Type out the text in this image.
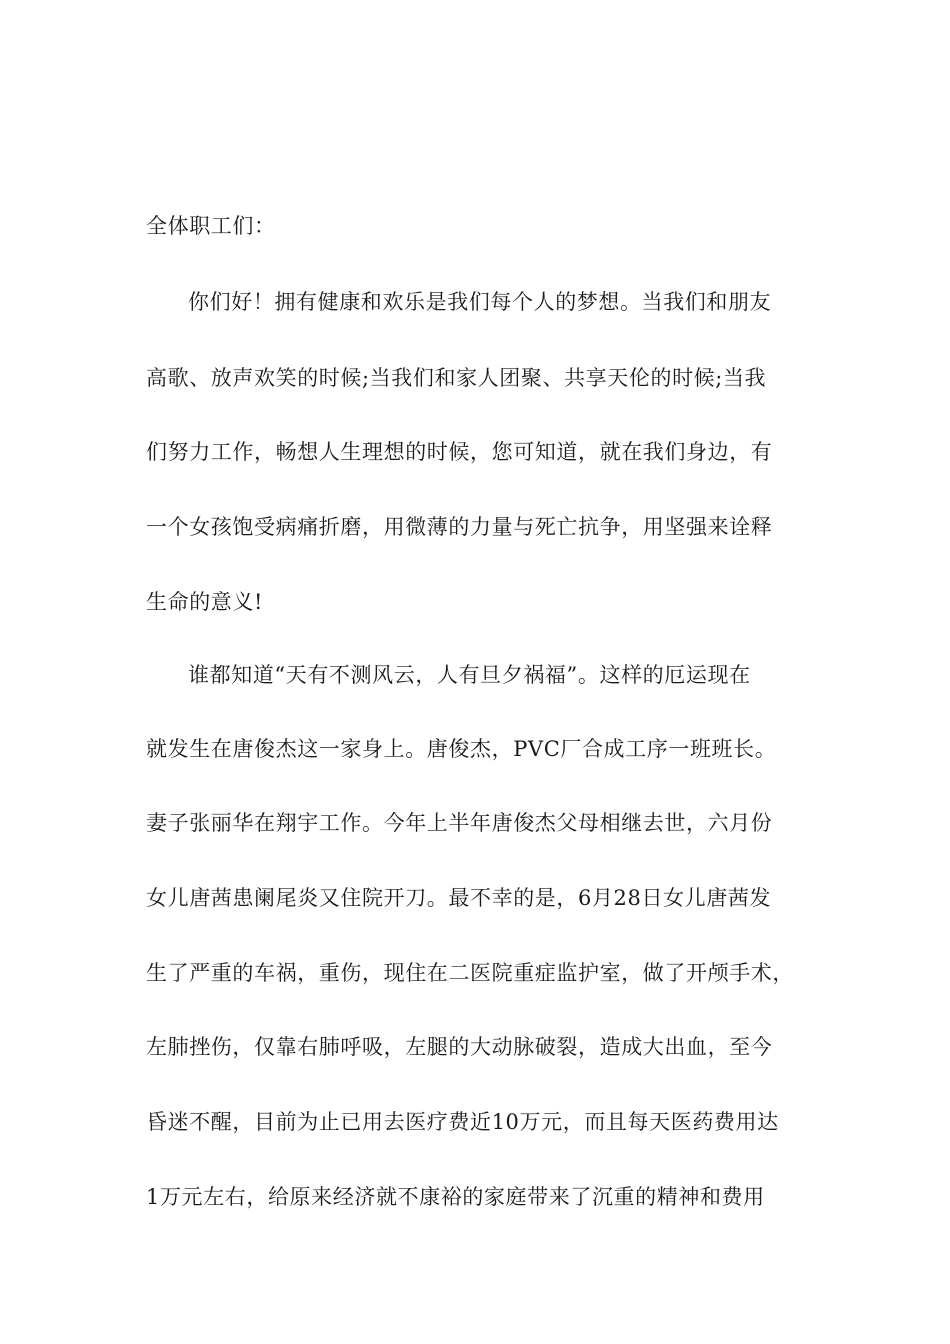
全体职工们：
你们好！拥有健康和欢乐是我们每个人的梦想。当我们和朋友
高歌、放声欢笑的时候;当我们和家人团聚、共享天伦的时候;当我
们努力工作，畅想人生理想的时候，您可知道，就在我们身边，有
一个女孩饱受病痛折磨，用微薄的力量与死亡抗争，用坚强来诠释
生命的意义!
谁都知道“天有不测风云，人有旦夕祸福”。这样的厄运现在
就发生在唐俊杰这一家身上。唐俊杰，PVC厂合成工序一班班长。
妻子张丽华在翔宇工作。今年上半年唐俊杰父母相继去世，六月份
女儿唐茜患阑尾炎又住院开刀。最不幸的是，6月28日女儿唐茜发
生了严重的车祸，重伤，现住在二医院重症监护室，做了开颅手术，
左肺挫伤，仅靠右肺呼吸，左腿的大动脉破裂，造成大出血，至今
昏迷不醒，目前为止已用去医疗费近10万元，而且每天医药费用达
1万元左右，给原来经济就不康裕的家庭带来了沉重的精神和费用
